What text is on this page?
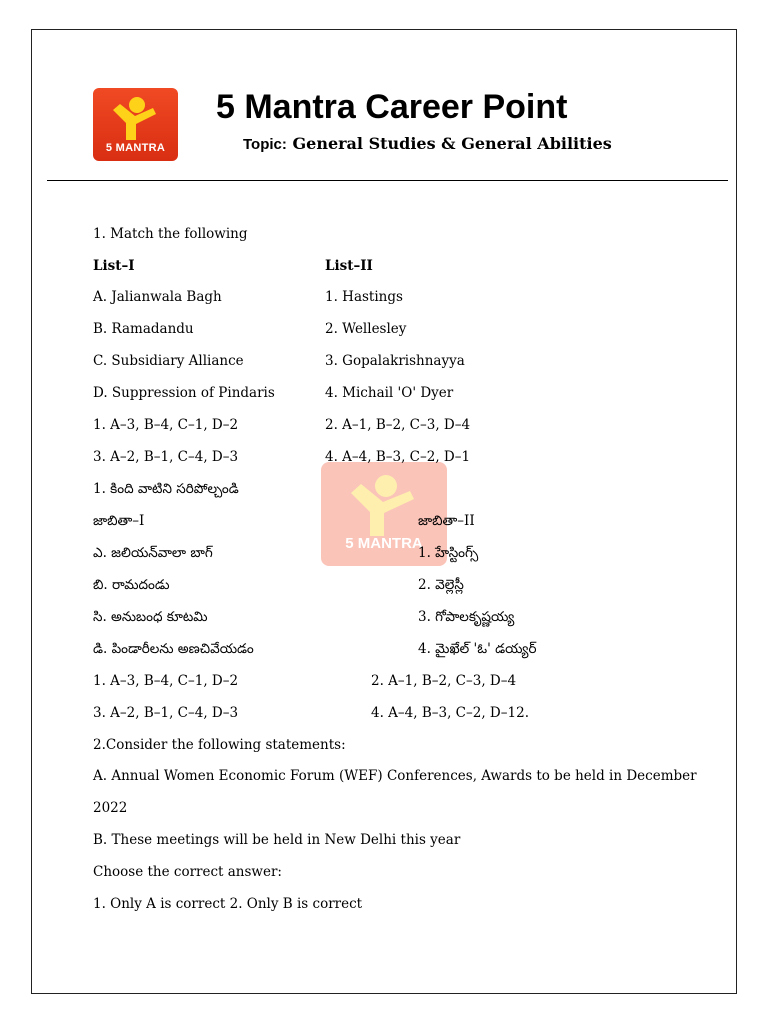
5 MANTRA
5 Mantra Career Point
Topic: General Studies & General Abilities
5 MANTRA
1. Match the following
List–I	List–II
A. Jalianwala Bagh	1. Hastings
B. Ramadandu	2. Wellesley
C. Subsidiary Alliance	3. Gopalakrishnayya
D. Suppression of Pindaris	4. Michail 'O' Dyer
1. A–3, B–4, C–1, D–2	2. A–1, B–2, C–3, D–4
3. A–2, B–1, C–4, D–3	4. A–4, B–3, C–2, D–1
1. కింది వాటిని సరిపోల్చండి
జాబితా–I	జాబితా–II
ఎ. జలియన్‌వాలా బాగ్	1. హేస్టింగ్స్
బి. రామదండు	2. వెల్లెస్లీ
సి. అనుబంధ కూటమి	3. గోపాలకృష్ణయ్య
డి. పిండారీలను అణచివేయడం	4. మైఖేల్ 'ఓ' డయ్యర్
1. A–3, B–4, C–1, D–2	2. A–1, B–2, C–3, D–4
3. A–2, B–1, C–4, D–3	4. A–4, B–3, C–2, D–12.
2.Consider the following statements:
A. Annual Women Economic Forum (WEF) Conferences, Awards to be held in December
2022
B. These meetings will be held in New Delhi this year
Choose the correct answer:
1. Only A is correct 2. Only B is correct
